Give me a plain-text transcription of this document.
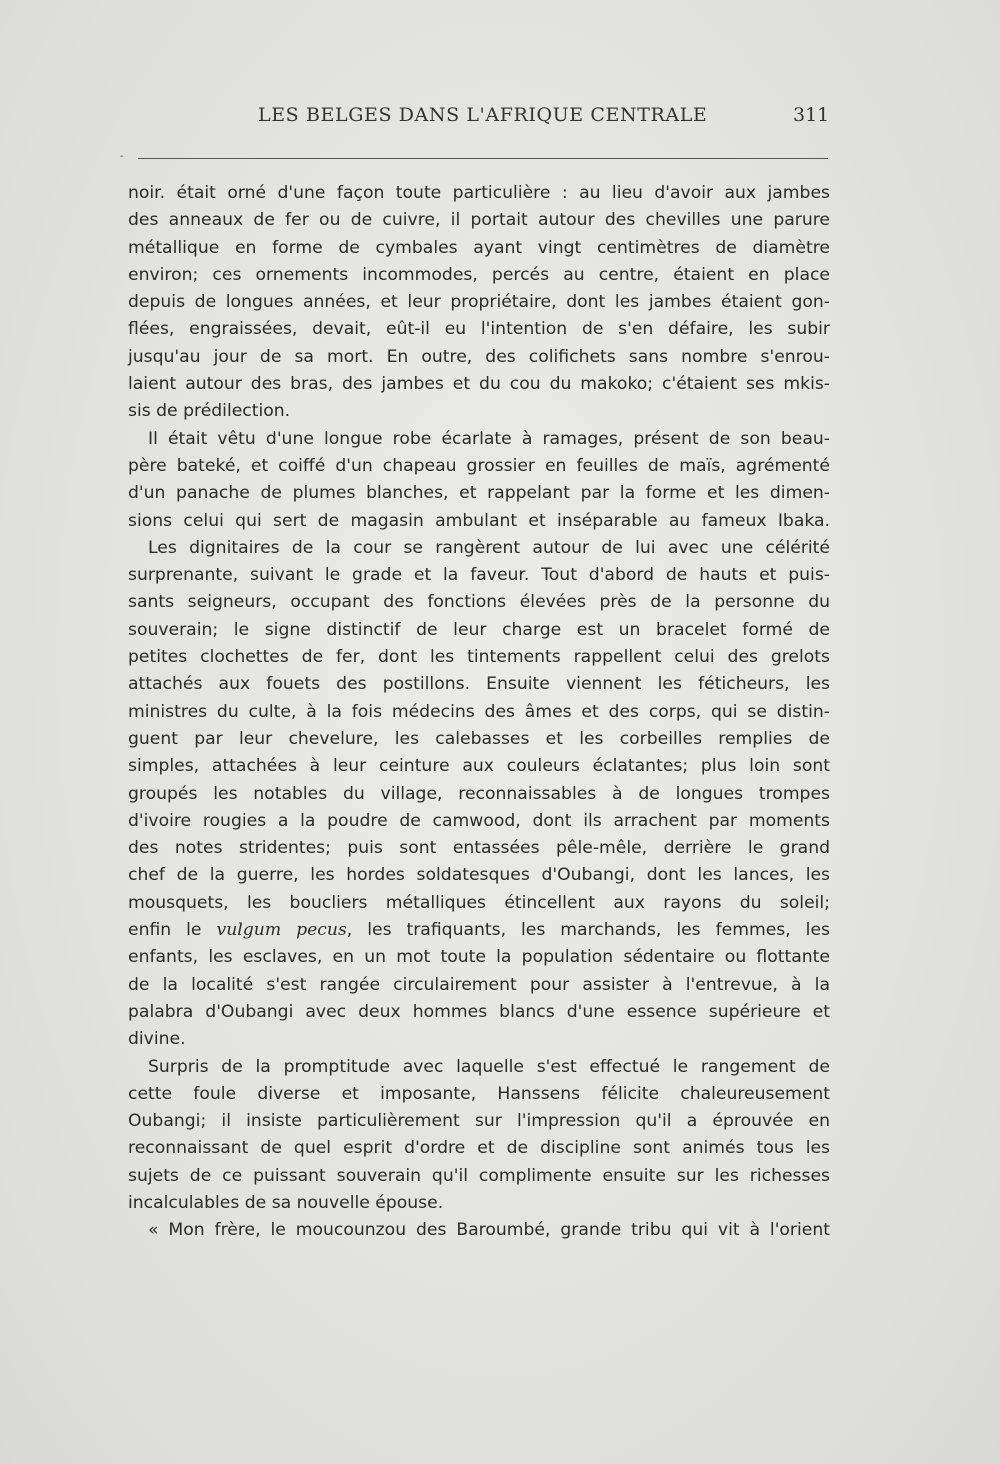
LES BELGES DANS L'AFRIQUE CENTRALE	311
-
noir. était orné d'une façon toute particulière : au lieu d'avoir aux jambes
des anneaux de fer ou de cuivre, il portait autour des chevilles une parure
métallique en forme de cymbales ayant vingt centimètres de diamètre
environ; ces ornements incommodes, percés au centre, étaient en place
depuis de longues années, et leur propriétaire, dont les jambes étaient gon-
flées, engraissées, devait, eût-il eu l'intention de s'en défaire, les subir
jusqu'au jour de sa mort. En outre, des colifichets sans nombre s'enrou-
laient autour des bras, des jambes et du cou du makoko; c'étaient ses mkis-
sis de prédilection.
Il était vêtu d'une longue robe écarlate à ramages, présent de son beau-
père bateké, et coiffé d'un chapeau grossier en feuilles de maïs, agrémenté
d'un panache de plumes blanches, et rappelant par la forme et les dimen-
sions celui qui sert de magasin ambulant et inséparable au fameux Ibaka.
Les dignitaires de la cour se rangèrent autour de lui avec une célérité
surprenante, suivant le grade et la faveur. Tout d'abord de hauts et puis-
sants seigneurs, occupant des fonctions élevées près de la personne du
souverain; le signe distinctif de leur charge est un bracelet formé de
petites clochettes de fer, dont les tintements rappellent celui des grelots
attachés aux fouets des postillons. Ensuite viennent les féticheurs, les
ministres du culte, à la fois médecins des âmes et des corps, qui se distin-
guent par leur chevelure, les calebasses et les corbeilles remplies de
simples, attachées à leur ceinture aux couleurs éclatantes; plus loin sont
groupés les notables du village, reconnaissables à de longues trompes
d'ivoire rougies a la poudre de camwood, dont ils arrachent par moments
des notes stridentes; puis sont entassées pêle-mêle, derrière le grand
chef de la guerre, les hordes soldatesques d'Oubangi, dont les lances, les
mousquets, les boucliers métalliques étincellent aux rayons du soleil;
enfin le vulgum pecus, les trafiquants, les marchands, les femmes, les
enfants, les esclaves, en un mot toute la population sédentaire ou flottante
de la localité s'est rangée circulairement pour assister à l'entrevue, à la
palabra d'Oubangi avec deux hommes blancs d'une essence supérieure et
divine.
Surpris de la promptitude avec laquelle s'est effectué le rangement de
cette foule diverse et imposante, Hanssens félicite chaleureusement
Oubangi; il insiste particulièrement sur l'impression qu'il a éprouvée en
reconnaissant de quel esprit d'ordre et de discipline sont animés tous les
sujets de ce puissant souverain qu'il complimente ensuite sur les richesses
incalculables de sa nouvelle épouse.
« Mon frère, le moucounzou des Baroumbé, grande tribu qui vit à l'orient
